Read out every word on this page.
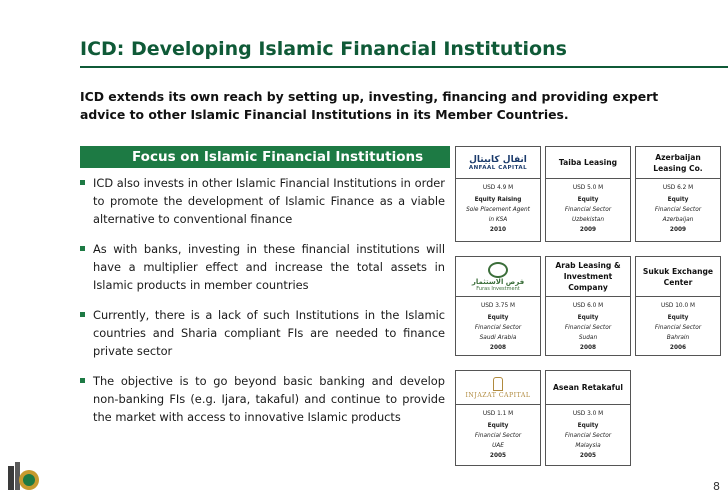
ICD: Developing Islamic Financial Institutions
ICD extends its own reach by setting up, investing, financing and providing expert advice to other Islamic Financial Institutions in its Member Countries.
Focus on Islamic Financial Institutions
ICD also invests in other Islamic Financial Institutions in order to promote the development of Islamic Finance as a viable alternative to conventional finance
As with banks, investing in these financial institutions will have a multiplier effect and increase the total assets in Islamic products in member countries
Currently, there is a lack of such Institutions in the Islamic countries and Sharia compliant FIs are needed to finance private sector
The objective is to go beyond basic banking and develop non-banking FIs (e.g. Ijara, takaful) and continue to provide the market with access to innovative Islamic products
انفال كابيتال
ANFAAL CAPITAL
USD 4.9 M
Equity Raising
Sole Placement Agent in KSA
2010
Taiba Leasing
USD 5.0 M
Equity
Financial Sector
Uzbekistan
2009
Azerbaijan Leasing Co.
USD 6.2 M
Equity
Financial Sector
Azerbaijan
2009
فرص الاستثمار
Furas Investment
USD 3.75 M
Equity
Financial Sector
Saudi Arabia
2008
Arab Leasing & Investment Company
USD 6.0 M
Equity
Financial Sector
Sudan
2008
Sukuk Exchange Center
USD 10.0 M
Equity
Financial Sector
Bahrain
2006
INJAZAT CAPITAL
USD 1.1 M
Equity
Financial Sector
UAE
2005
Asean Retakaful
USD 3.0 M
Equity
Financial Sector
Malaysia
2005
8
